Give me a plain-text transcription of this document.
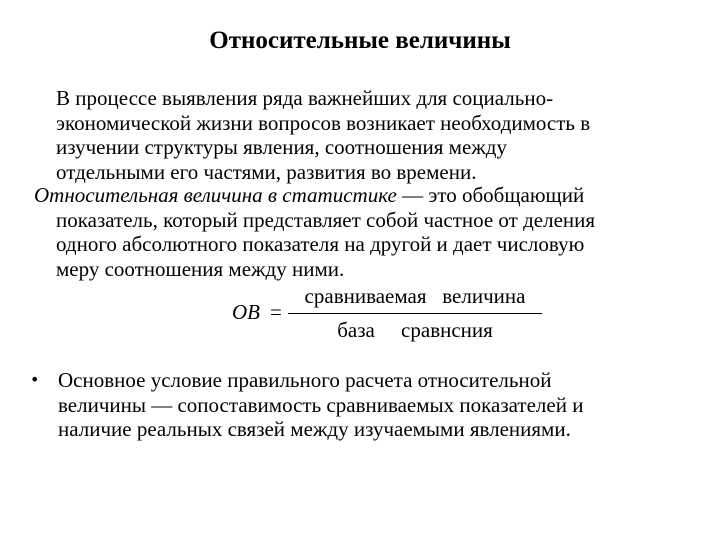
Относительные величины
В процессе выявления ряда важнейших для социально-
экономической жизни вопросов возникает необходимость в
изучении структуры явления, соотношения между
отдельными его частями, развития во времени.
Относительная величина в статистике — это обобщающий
показатель, который представляет собой частное от деления
одного абсолютного показателя на другой и дает числовую
меру соотношения между ними.
ОВ =
сравниваемая   величина
база     сравнсния
• Основное условие правильного расчета относительной
величины — сопоставимость сравниваемых показателей и
наличие реальных связей между изучаемыми явлениями.
